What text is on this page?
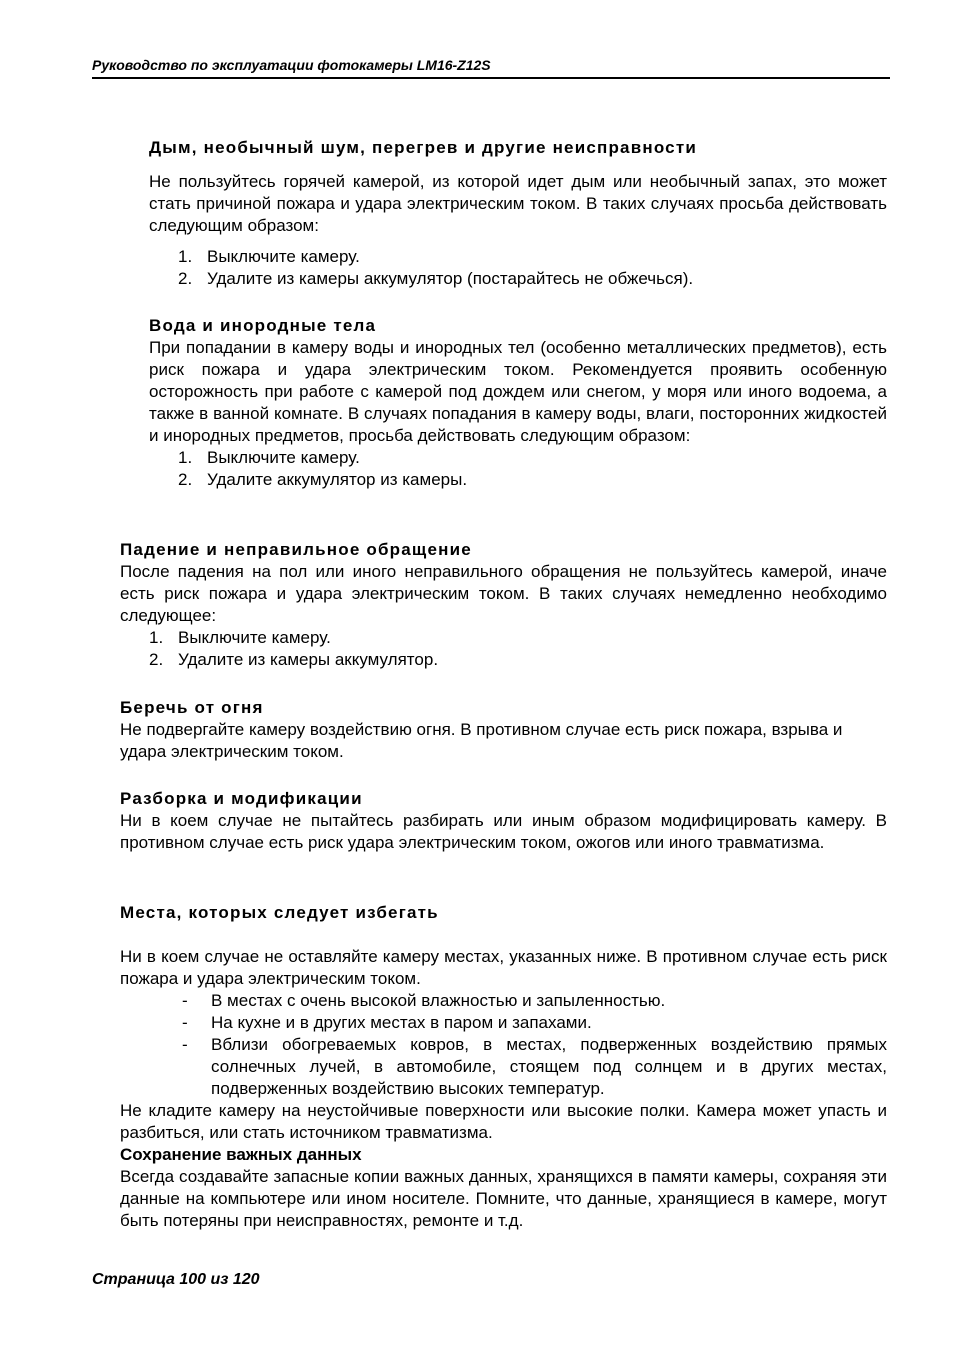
Руководство по эксплуатации фотокамеры LM16-Z12S
Дым, необычный шум, перегрев и другие неисправности

Не пользуйтесь горячей камерой, из которой идет дым или необычный запах, это может стать причиной пожара и удара электрическим током. В таких случаях просьба действовать следующим образом:

1. Выключите камеру.
2. Удалите из камеры аккумулятор (постарайтесь не обжечься).
Вода и инородные тела

При попадании в камеру воды и инородных тел (особенно металлических предметов), есть риск пожара и удара электрическим током. Рекомендуется проявить особенную осторожность при работе с камерой под дождем или снегом, у моря или иного водоема, а также в ванной комнате. В случаях попадания в камеру воды, влаги, посторонних жидкостей и инородных предметов, просьба действовать следующим образом:

1. Выключите камеру.
2. Удалите аккумулятор из камеры.
Падение и неправильное обращение

После падения на пол или иного неправильного обращения не пользуйтесь камерой, иначе есть риск пожара и удара электрическим током. В таких случаях немедленно необходимо следующее:

1. Выключите камеру.
2. Удалите из камеры аккумулятор.
Беречь от огня

Не подвергайте камеру воздействию огня. В противном случае есть риск пожара, взрыва и удара электрическим током.

Разборка и модификации

Ни в коем случае не пытайтесь разбирать или иным образом модифицировать камеру. В противном случае есть риск удара электрическим током, ожогов или иного травматизма.

Места, которых следует избегать

Ни в коем случае не оставляйте камеру местах, указанных ниже. В противном случае есть риск пожара и удара электрическим током.

- В местах с очень высокой влажностью и запыленностью.
- На кухне и в других местах в паром и запахами.
- Вблизи обогреваемых ковров, в местах, подверженных воздействию прямых солнечных лучей, в автомобиле, стоящем под солнцем и в других местах, подверженных воздействию высоких температур.

Не кладите камеру на неустойчивые поверхности или высокие полки. Камера может упасть и разбиться, или стать источником травматизма.

Сохранение важных данных

Всегда создавайте запасные копии важных данных, хранящихся в памяти камеры, сохраняя эти данные на компьютере или ином носителе. Помните, что данные, хранящиеся в камере, могут быть потеряны при неисправностях, ремонте и т.д.

Страница 100 из 120
